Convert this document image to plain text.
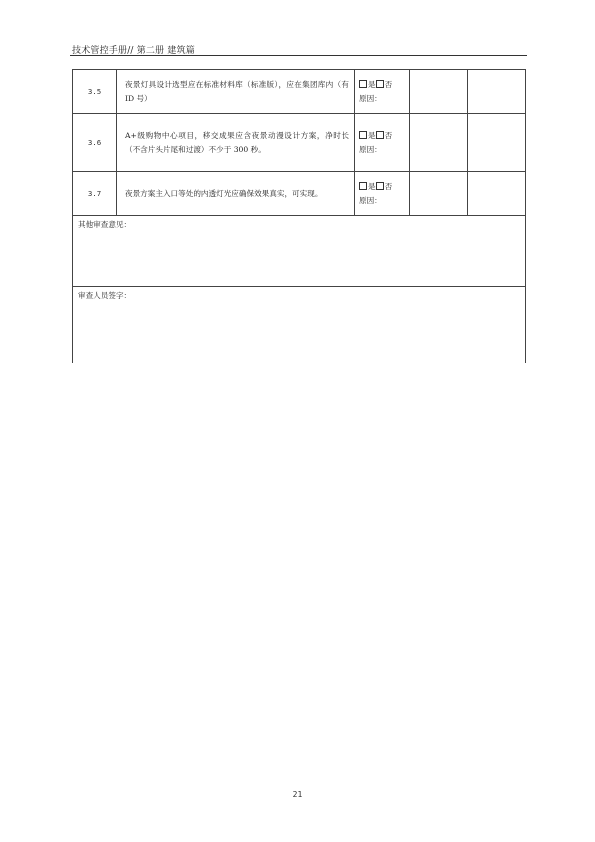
技术管控手册// 第二册 建筑篇
3.5	夜景灯具设计选型应在标准材料库（标准版），应在集团库内（有 ID 号）	是 否
原因：		
3.6	A+级购物中心项目，移交成果应含夜景动漫设计方案，净时长（不含片头片尾和过渡）不少于 300 秒。	是 否
原因：		
3.7	夜景方案主入口等处的内透灯光应确保效果真实，可实现。	是 否
原因：		

其他审查意见：				

审查人员签字：				
21
